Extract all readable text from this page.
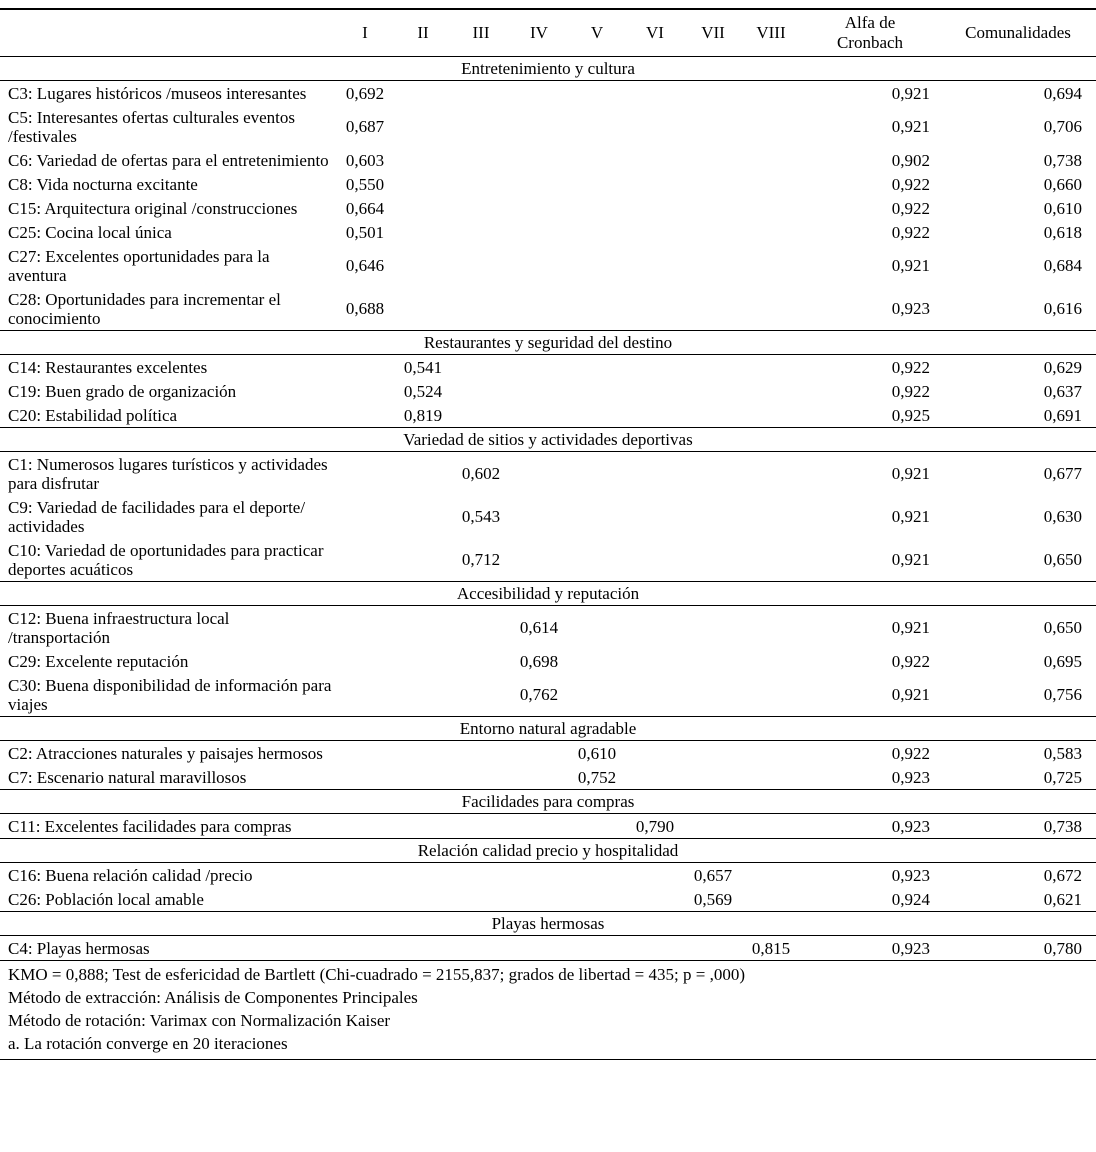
	I	II	III	IV	V	VI	VII	VIII	Alfa de Cronbach	Comunalidades
Entretenimiento y cultura										
C3: Lugares históricos /museos interesantes	0,692								0,921	0,694
C5: Interesantes ofertas culturales eventos /festivales	0,687								0,921	0,706
C6: Variedad de ofertas para el entretenimiento	0,603								0,902	0,738
C8: Vida nocturna excitante	0,550								0,922	0,660
C15: Arquitectura original /construcciones	0,664								0,922	0,610
C25: Cocina local única	0,501								0,922	0,618
C27: Excelentes oportunidades para la aventura	0,646								0,921	0,684
C28: Oportunidades para incrementar el conocimiento	0,688								0,923	0,616
Restaurantes y seguridad del destino										
C14: Restaurantes excelentes		0,541							0,922	0,629
C19: Buen grado de organización		0,524							0,922	0,637
C20: Estabilidad política		0,819							0,925	0,691
Variedad de sitios y actividades deportivas										
C1: Numerosos lugares turísticos y actividades para disfrutar			0,602						0,921	0,677
C9: Variedad de facilidades para el deporte/ actividades			0,543						0,921	0,630
C10: Variedad de oportunidades para practicar deportes acuáticos			0,712						0,921	0,650
Accesibilidad y reputación										
C12: Buena infraestructura local /transportación				0,614					0,921	0,650
C29: Excelente reputación				0,698					0,922	0,695
C30: Buena disponibilidad de información para viajes				0,762					0,921	0,756
Entorno natural agradable										
C2: Atracciones naturales y paisajes hermosos					0,610				0,922	0,583
C7: Escenario natural maravillosos					0,752				0,923	0,725
Facilidades para compras										
C11: Excelentes facilidades para compras						0,790			0,923	0,738
Relación calidad precio y hospitalidad										
C16: Buena relación calidad /precio							0,657		0,923	0,672
C26: Población local amable							0,569		0,924	0,621
Playas hermosas										
C4: Playas hermosas								0,815	0,923	0,780
KMO = 0,888; Test de esfericidad de Bartlett (Chi-cuadrado = 2155,837; grados de libertad = 435; p = ,000)
Método de extracción: Análisis de Componentes Principales
Método de rotación: Varimax con Normalización Kaiser
a. La rotación converge en 20 iteraciones
